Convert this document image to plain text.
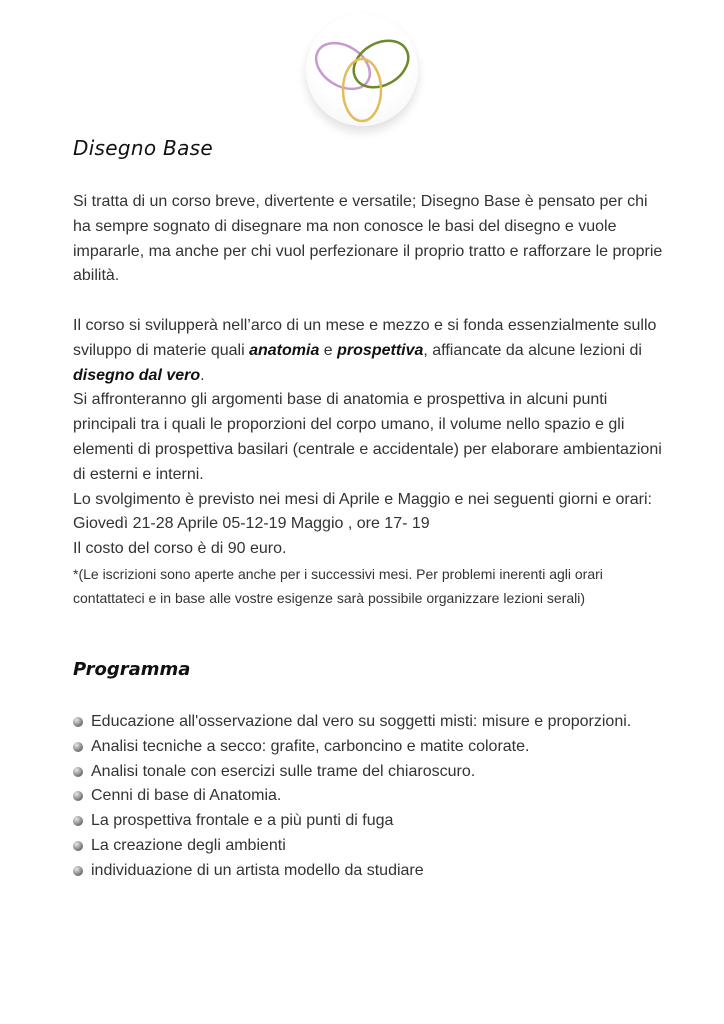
Disegno Base

Si tratta di un corso breve, divertente e versatile; Disegno Base è pensato per chi ha sempre sognato di disegnare ma non conosce le basi del disegno e vuole impararle, ma anche per chi vuol perfezionare il proprio tratto e rafforzare le proprie abilità.

Il corso si svilupperà nell’arco di un mese e mezzo e si fonda essenzialmente sullo sviluppo di materie quali anatomia e prospettiva, affiancate da alcune lezioni di disegno dal vero.

Si affronteranno gli argomenti base di anatomia e prospettiva in alcuni punti principali tra i quali le proporzioni del corpo umano, il volume nello spazio e gli elementi di prospettiva basilari (centrale e accidentale) per elaborare ambientazioni di esterni e interni.

Lo svolgimento è previsto nei mesi di Aprile e Maggio e nei seguenti giorni e orari:

Giovedì 21-28 Aprile 05-12-19 Maggio , ore 17- 19

Il costo del corso è di 90 euro.

*(Le iscrizioni sono aperte anche per i successivi mesi. Per problemi inerenti agli orari contattateci e in base alle vostre esigenze sarà possibile organizzare lezioni serali)

Programma
Educazione all'osservazione dal vero su soggetti misti: misure e proporzioni.
Analisi tecniche a secco: grafite, carboncino e matite colorate.
Analisi tonale con esercizi sulle trame del chiaroscuro.
Cenni di base di Anatomia.
La prospettiva frontale e a più punti di fuga
La creazione degli ambienti
individuazione di un artista modello da studiare
